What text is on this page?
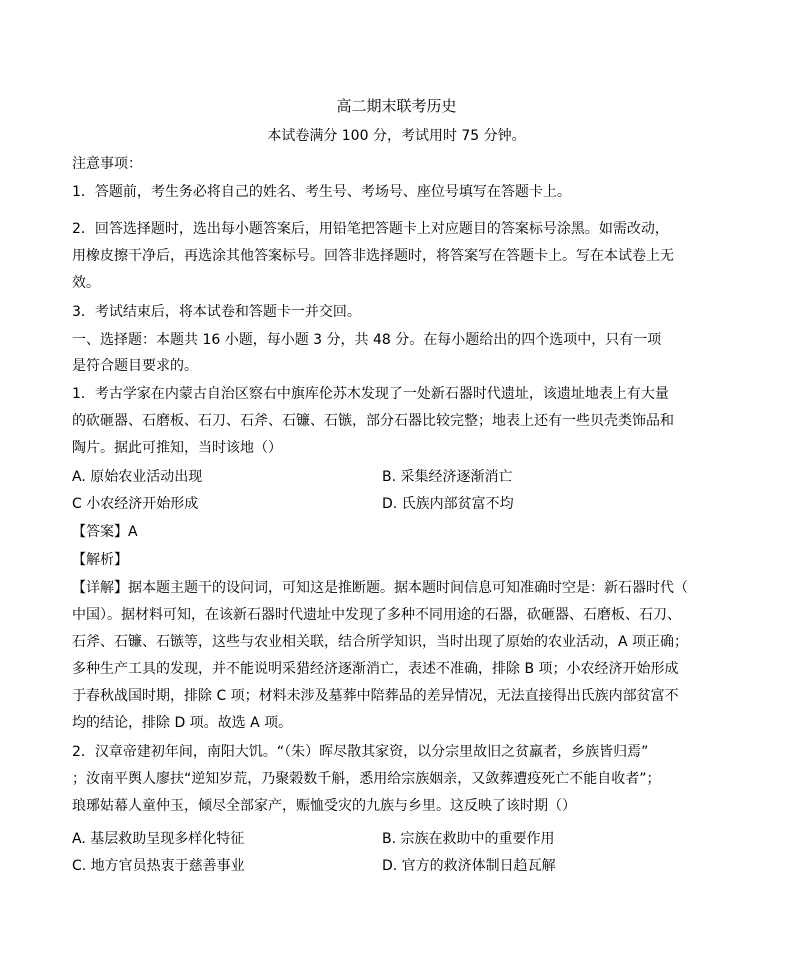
高二期末联考历史
本试卷满分 100 分，考试用时 75 分钟。
注意事项：
1．答题前，考生务必将自己的姓名、考生号、考场号、座位号填写在答题卡上。
2．回答选择题时，选出每小题答案后，用铅笔把答题卡上对应题目的答案标号涂黑。如需改动，
用橡皮擦干净后，再选涂其他答案标号。回答非选择题时，将答案写在答题卡上。写在本试卷上无
效。
3．考试结束后，将本试卷和答题卡一并交回。
一、选择题：本题共 16 小题，每小题 3 分，共 48 分。在每小题给出的四个选项中，只有一项
是符合题目要求的。
1．考古学家在内蒙古自治区察右中旗库伦苏木发现了一处新石器时代遗址，该遗址地表上有大量
的砍砸器、石磨板、石刀、石斧、石镰、石镞，部分石器比较完整；地表上还有一些贝壳类饰品和
陶片。据此可推知，当时该地（）
A. 原始农业活动出现	B. 采集经济逐渐消亡
C 小农经济开始形成	D. 氏族内部贫富不均
【答案】A
【解析】
【详解】据本题主题干的设问词，可知这是推断题。据本题时间信息可知准确时空是：新石器时代（
中国）。据材料可知，在该新石器时代遗址中发现了多种不同用途的石器，砍砸器、石磨板、石刀、
石斧、石镰、石镞等，这些与农业相关联，结合所学知识，当时出现了原始的农业活动，A 项正确；
多种生产工具的发现，并不能说明采猎经济逐渐消亡，表述不准确，排除 B 项；小农经济开始形成
于春秋战国时期，排除 C 项；材料未涉及墓葬中陪葬品的差异情况，无法直接得出氏族内部贫富不
均的结论，排除 D 项。故选 A 项。
2．汉章帝建初年间，南阳大饥。“（朱）晖尽散其家资，以分宗里故旧之贫羸者，乡族皆归焉”
；汝南平舆人廖扶“逆知岁荒，乃聚榖数千斛，悉用给宗族姻亲，又敛葬遭疫死亡不能自收者”；
琅琊姑幕人童仲玉，倾尽全部家产，赈恤受灾的九族与乡里。这反映了该时期（）
A. 基层救助呈现多样化特征	B. 宗族在救助中的重要作用
C. 地方官员热衷于慈善事业	D. 官方的救济体制日趋瓦解
